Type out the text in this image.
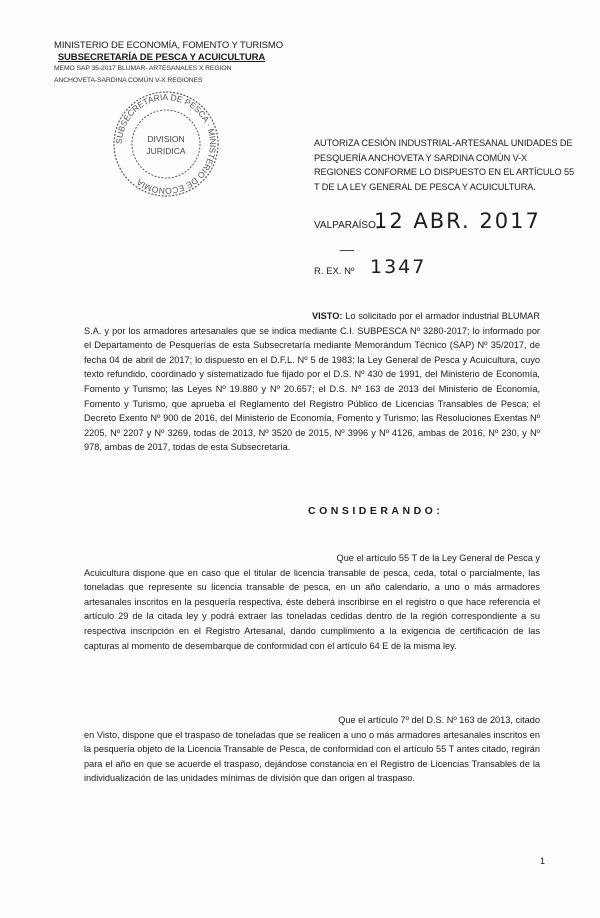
MINISTERIO DE ECONOMÍA, FOMENTO Y TURISMO
SUBSECRETARÍA DE PESCA Y ACUICULTURA
MEMO SAP 35-2017 BLUMAR- ARTESANALES X REGION
ANCHOVETA-SARDINA COMÚN V-X REGIONES
SUBSECRETARIA DE PESCA · MINISTERIO DE ECONOMIA
DIVISION
JURIDICA
AUTORIZA CESIÓN INDUSTRIAL-ARTESANAL UNIDADES DE PESQUERÍA ANCHOVETA Y SARDINA COMÚN V-X REGIONES CONFORME LO DISPUESTO EN EL ARTÍCULO 55 T DE LA LEY GENERAL DE PESCA Y ACUICULTURA.
VALPARAÍSO,
12 ABR. 2017
R. EX. Nº 1347
VISTO: Lo solicitado por el armador industrial BLUMAR S.A. y por los armadores artesanales que se indica mediante C.I. SUBPESCA Nº 3280-2017; lo informado por el Departamento de Pesquerías de esta Subsecretaría mediante Memorándum Técnico (SAP) Nº 35/2017, de fecha 04 de abril de 2017; lo dispuesto en el D.F.L. Nº 5 de 1983; la Ley General de Pesca y Acuicultura, cuyo texto refundido, coordinado y sistematizado fue fijado por el D.S. Nº 430 de 1991, del Ministerio de Economía, Fomento y Turismo; las Leyes Nº 19.880 y Nº 20.657; el D.S. Nº 163 de 2013 del Ministerio de Economía, Fomento y Turismo, que aprueba el Reglamento del Registro Público de Licencias Transables de Pesca; el Decreto Exento Nº 900 de 2016, del Ministerio de Economía, Fomento y Turismo; las Resoluciones Exentas Nº 2205, Nº 2207 y Nº 3269, todas de 2013, Nº 3520 de 2015, Nº 3996 y Nº 4126, ambas de 2016, Nº 230, y Nº 978, ambas de 2017, todas de esta Subsecretaría.
CONSIDERANDO:
Que el artículo 55 T de la Ley General de Pesca y
Acuicultura dispone que en caso que el titular de licencia transable de pesca, ceda, total o parcialmente, las toneladas que represente su licencia transable de pesca, en un año calendario, a uno o más armadores artesanales inscritos en la pesquería respectiva, éste deberá inscribirse en el registro o que hace referencia el artículo 29 de la citada ley y podrá extraer las toneladas cedidas dentro de la región correspondiente a su respectiva inscripción en el Registro Artesanal, dando cumplimiento a la exigencia de certificación de las capturas al momento de desembarque de conformidad con el artículo 64 E de la misma ley.
Que el artículo 7º del D.S. Nº 163 de 2013, citado
en Visto, dispone que el traspaso de toneladas que se realicen a uno o más armadores artesanales inscritos en la pesquería objeto de la Licencia Transable de Pesca, de conformidad con el artículo 55 T antes citado, regirán para el año en que se acuerde el traspaso, dejándose constancia en el Registro de Licencias Transables de la individualización de las unidades mínimas de división que dan origen al traspaso.
1
